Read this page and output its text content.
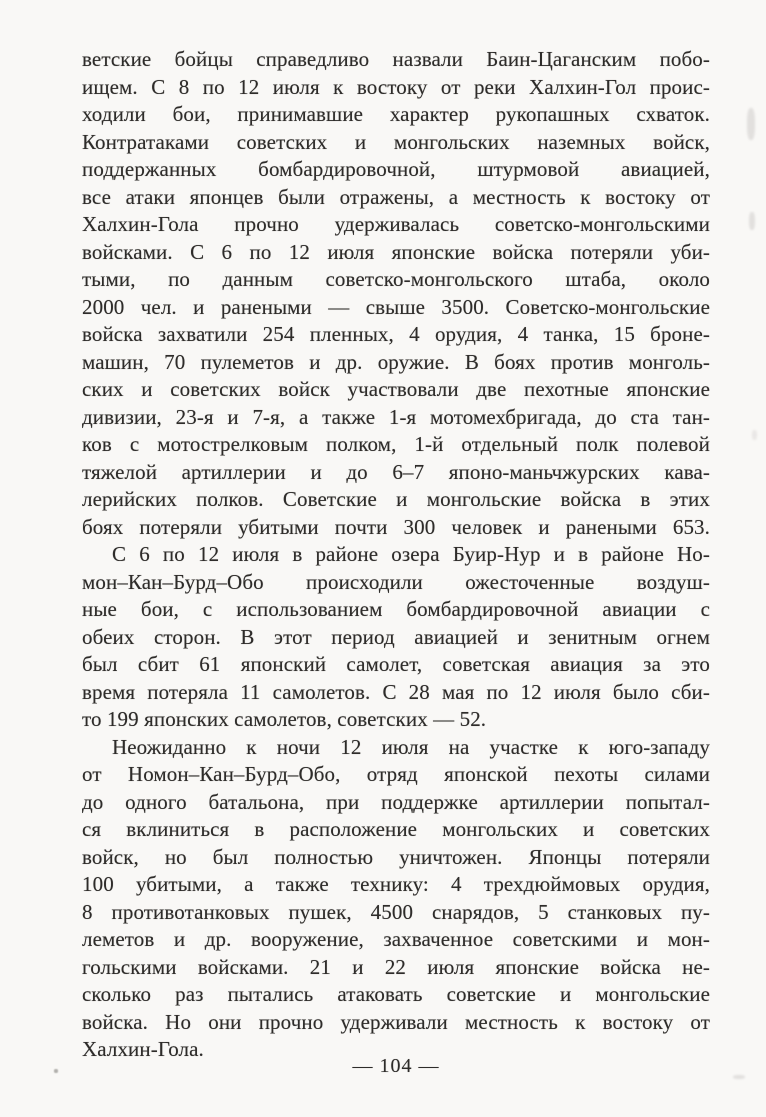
ветские бойцы справедливо назвали Баин-Цаганским побо-
ищем. С 8 по 12 июля к востоку от реки Халхин-Гол проис-
ходили бои, принимавшие характер рукопашных схваток.
Контратаками советских и монгольских наземных войск,
поддержанных бомбардировочной, штурмовой авиацией,
все атаки японцев были отражены, а местность к востоку от
Халхин-Гола прочно удерживалась советско-монгольскими
войсками. С 6 по 12 июля японские войска потеряли уби-
тыми, по данным советско-монгольского штаба, около
2000 чел. и ранеными — свыше 3500. Советско-монгольские
войска захватили 254 пленных, 4 орудия, 4 танка, 15 броне-
машин, 70 пулеметов и др. оружие. В боях против монголь-
ских и советских войск участвовали две пехотные японские
дивизии, 23-я и 7-я, а также 1-я мотомехбригада, до ста тан-
ков с мотострелковым полком, 1-й отдельный полк полевой
тяжелой артиллерии и до 6–7 японо-маньчжурских кава-
лерийских полков. Советские и монгольские войска в этих
боях потеряли убитыми почти 300 человек и ранеными 653.
С 6 по 12 июля в районе озера Буир-Нур и в районе Но-
мон–Кан–Бурд–Обо происходили ожесточенные воздуш-
ные бои, с использованием бомбардировочной авиации с
обеих сторон. В этот период авиацией и зенитным огнем
был сбит 61 японский самолет, советская авиация за это
время потеряла 11 самолетов. С 28 мая по 12 июля было сби-
то 199 японских самолетов, советских — 52.
Неожиданно к ночи 12 июля на участке к юго-западу
от Номон–Кан–Бурд–Обо, отряд японской пехоты силами
до одного батальона, при поддержке артиллерии попытал-
ся вклиниться в расположение монгольских и советских
войск, но был полностью уничтожен. Японцы потеряли
100 убитыми, а также технику: 4 трехдюймовых орудия,
8 противотанковых пушек, 4500 снарядов, 5 станковых пу-
леметов и др. вооружение, захваченное советскими и мон-
гольскими войсками. 21 и 22 июля японские войска не-
сколько раз пытались атаковать советские и монгольские
войска. Но они прочно удерживали местность к востоку от
Халхин-Гола.
— 104 —
